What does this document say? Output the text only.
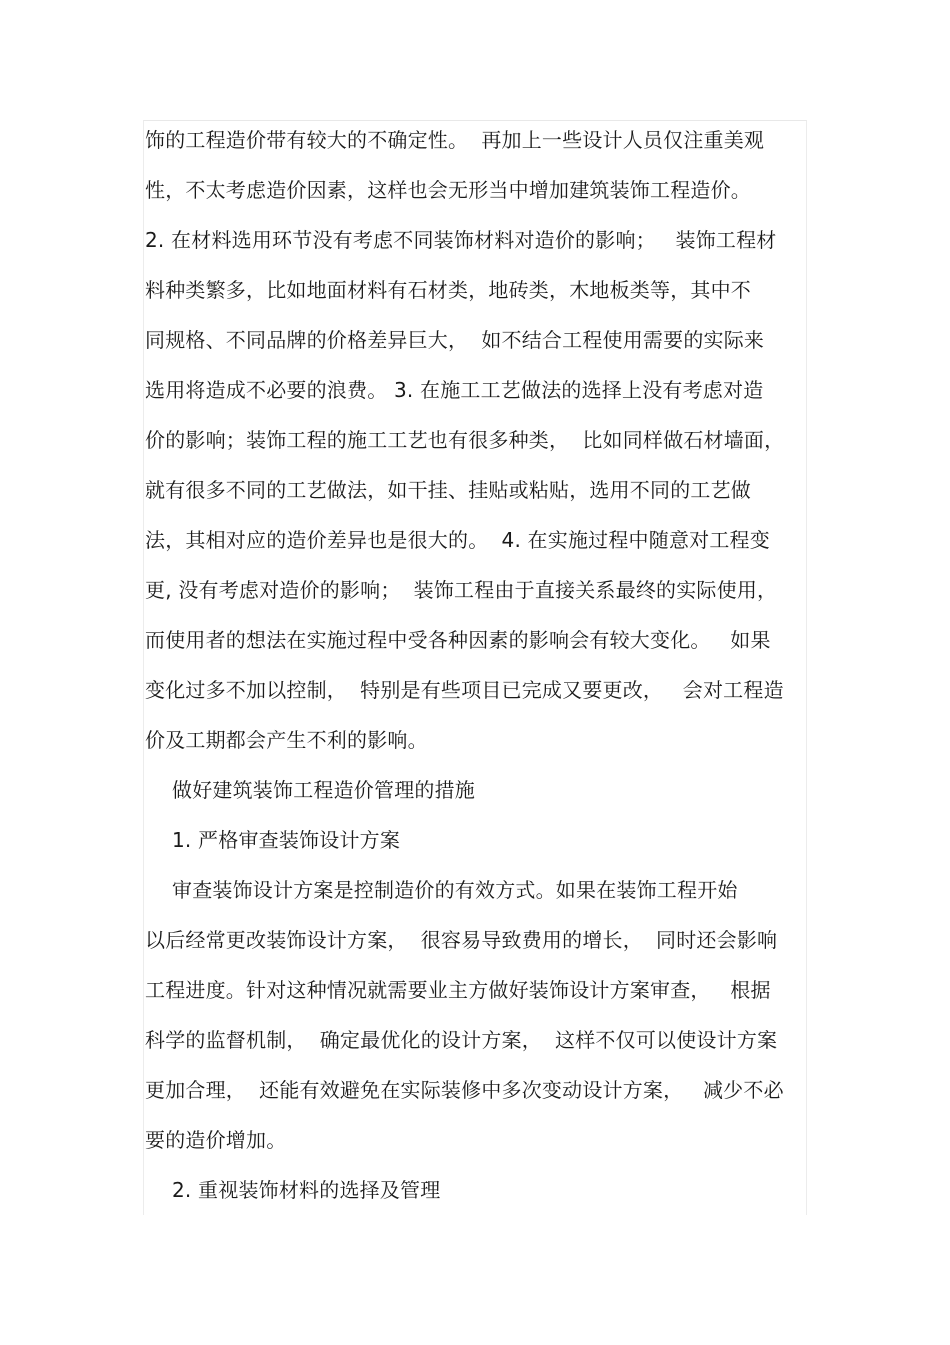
饰的工程造价带有较大的不确定性。  再加上一些设计人员仅注重美观
性，不太考虑造价因素，这样也会无形当中增加建筑装饰工程造价。
2. 在材料选用环节没有考虑不同装饰材料对造价的影响；   装饰工程材
料种类繁多，比如地面材料有石材类，地砖类，木地板类等，其中不
同规格、不同品牌的价格差异巨大，  如不结合工程使用需要的实际来
选用将造成不必要的浪费。 3. 在施工工艺做法的选择上没有考虑对造
价的影响；装饰工程的施工工艺也有很多种类，  比如同样做石材墙面，
就有很多不同的工艺做法，如干挂、挂贴或粘贴，选用不同的工艺做
法，其相对应的造价差异也是很大的。  4. 在实施过程中随意对工程变
更, 没有考虑对造价的影响；  装饰工程由于直接关系最终的实际使用，
而使用者的想法在实施过程中受各种因素的影响会有较大变化。   如果
变化过多不加以控制，  特别是有些项目已完成又要更改，   会对工程造
价及工期都会产生不利的影响。
做好建筑装饰工程造价管理的措施
1. 严格审查装饰设计方案
审查装饰设计方案是控制造价的有效方式。如果在装饰工程开始
以后经常更改装饰设计方案，  很容易导致费用的增长，  同时还会影响
工程进度。针对这种情况就需要业主方做好装饰设计方案审查，   根据
科学的监督机制，  确定最优化的设计方案，  这样不仅可以使设计方案
更加合理，  还能有效避免在实际装修中多次变动设计方案，   减少不必
要的造价增加。
2. 重视装饰材料的选择及管理
